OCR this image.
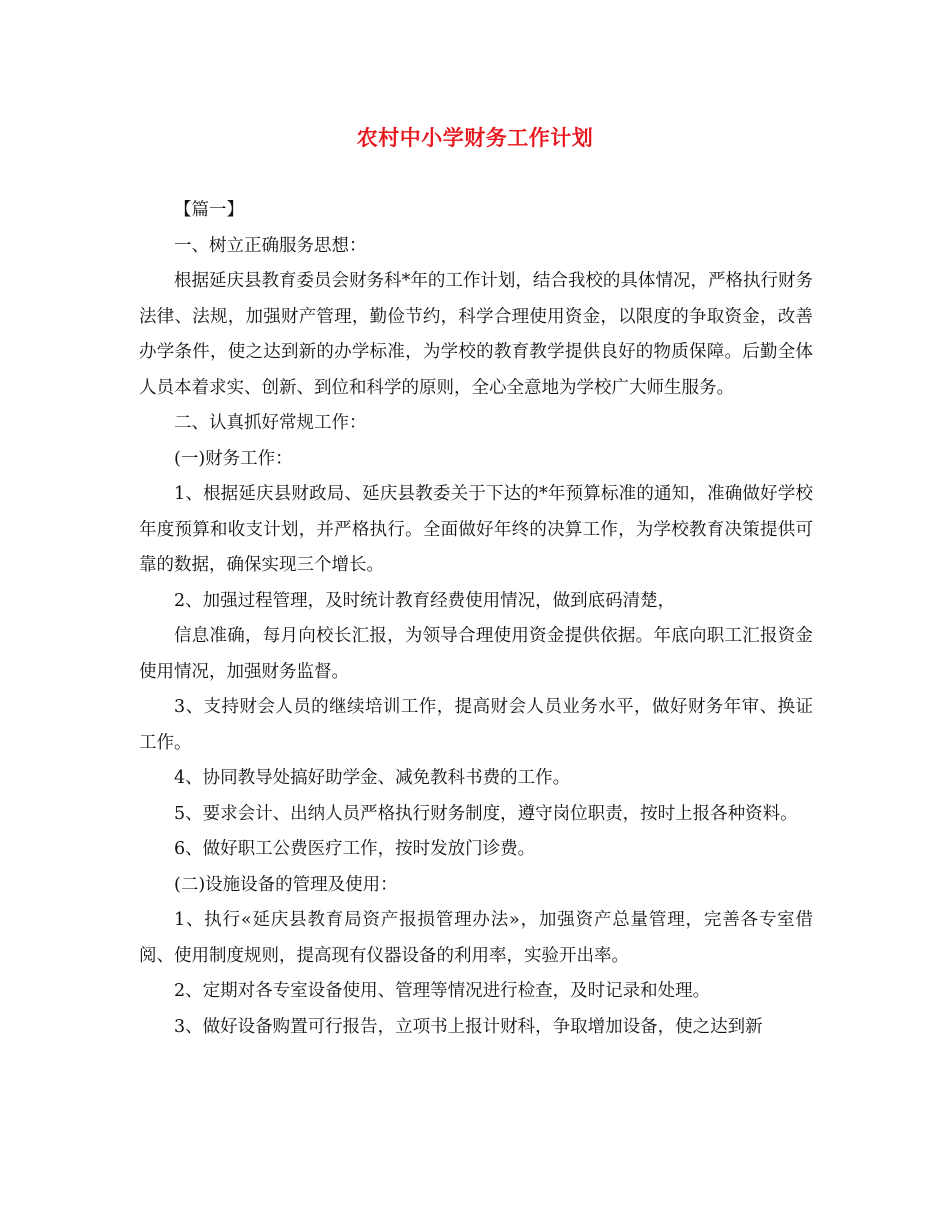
农村中小学财务工作计划

【篇一】

一、树立正确服务思想：

根据延庆县教育委员会财务科*年的工作计划，结合我校的具体情况，严格执行财务法律、法规，加强财产管理，勤俭节约，科学合理使用资金，以限度的争取资金，改善办学条件，使之达到新的办学标准，为学校的教育教学提供良好的物质保障。后勤全体人员本着求实、创新、到位和科学的原则，全心全意地为学校广大师生服务。

二、认真抓好常规工作：

(一)财务工作：

1、根据延庆县财政局、延庆县教委关于下达的*年预算标准的通知，准确做好学校年度预算和收支计划，并严格执行。全面做好年终的决算工作，为学校教育决策提供可靠的数据，确保实现三个增长。

2、加强过程管理，及时统计教育经费使用情况，做到底码清楚，

信息准确，每月向校长汇报，为领导合理使用资金提供依据。年底向职工汇报资金使用情况，加强财务监督。

3、支持财会人员的继续培训工作，提高财会人员业务水平，做好财务年审、换证工作。

4、协同教导处搞好助学金、减免教科书费的工作。

5、要求会计、出纳人员严格执行财务制度，遵守岗位职责，按时上报各种资料。

6、做好职工公费医疗工作，按时发放门诊费。

(二)设施设备的管理及使用：

1、执行«延庆县教育局资产报损管理办法»，加强资产总量管理，完善各专室借阅、使用制度规则，提高现有仪器设备的利用率，实验开出率。

2、定期对各专室设备使用、管理等情况进行检查，及时记录和处理。

3、做好设备购置可行报告，立项书上报计财科，争取增加设备，使之达到新
